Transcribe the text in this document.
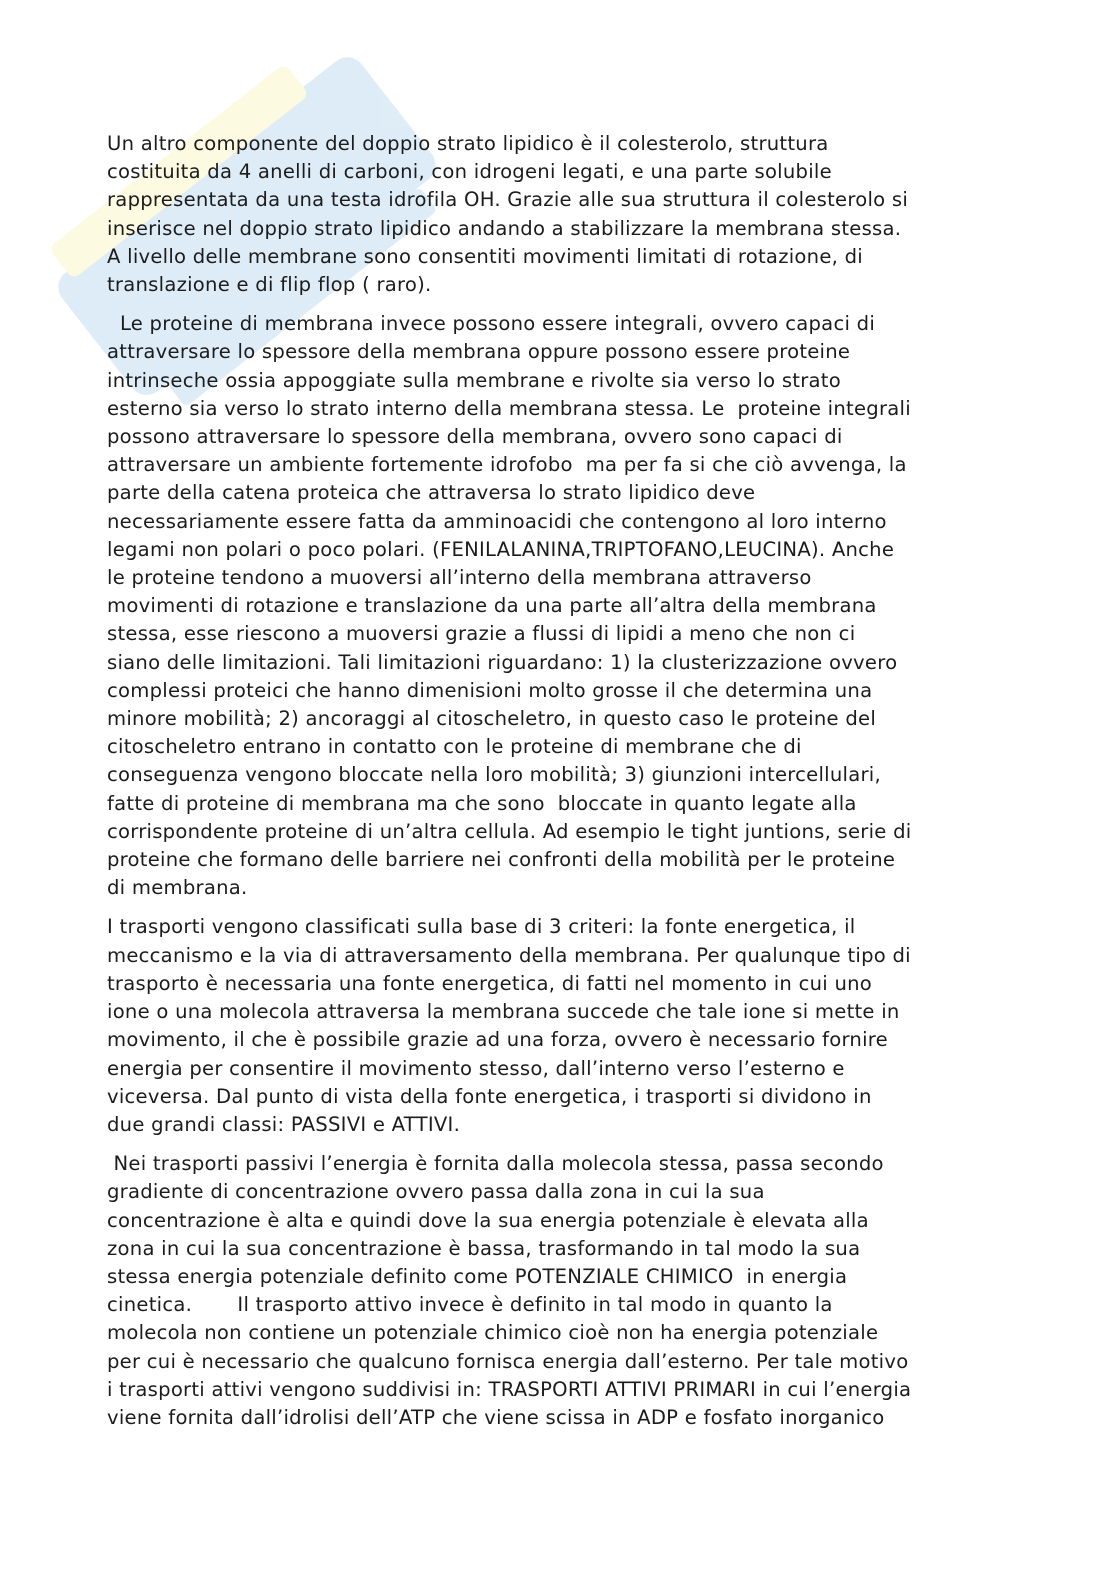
Un altro componente del doppio strato lipidico è il colesterolo, struttura
costituita da 4 anelli di carboni, con idrogeni legati, e una parte solubile
rappresentata da una testa idrofila OH. Grazie alle sua struttura il colesterolo si
inserisce nel doppio strato lipidico andando a stabilizzare la membrana stessa.
A livello delle membrane sono consentiti movimenti limitati di rotazione, di
translazione e di flip flop ( raro).
Le proteine di membrana invece possono essere integrali, ovvero capaci di
attraversare lo spessore della membrana oppure possono essere proteine
intrinseche ossia appoggiate sulla membrane e rivolte sia verso lo strato
esterno sia verso lo strato interno della membrana stessa. Le  proteine integrali
possono attraversare lo spessore della membrana, ovvero sono capaci di
attraversare un ambiente fortemente idrofobo  ma per fa si che ciò avvenga, la
parte della catena proteica che attraversa lo strato lipidico deve
necessariamente essere fatta da amminoacidi che contengono al loro interno
legami non polari o poco polari. (FENILALANINA,TRIPTOFANO,LEUCINA). Anche
le proteine tendono a muoversi all’interno della membrana attraverso
movimenti di rotazione e translazione da una parte all’altra della membrana
stessa, esse riescono a muoversi grazie a flussi di lipidi a meno che non ci
siano delle limitazioni. Tali limitazioni riguardano: 1) la clusterizzazione ovvero
complessi proteici che hanno dimenisioni molto grosse il che determina una
minore mobilità; 2) ancoraggi al citoscheletro, in questo caso le proteine del
citoscheletro entrano in contatto con le proteine di membrane che di
conseguenza vengono bloccate nella loro mobilità; 3) giunzioni intercellulari,
fatte di proteine di membrana ma che sono  bloccate in quanto legate alla
corrispondente proteine di un’altra cellula. Ad esempio le tight juntions, serie di
proteine che formano delle barriere nei confronti della mobilità per le proteine
di membrana.
I trasporti vengono classificati sulla base di 3 criteri: la fonte energetica, il
meccanismo e la via di attraversamento della membrana. Per qualunque tipo di
trasporto è necessaria una fonte energetica, di fatti nel momento in cui uno
ione o una molecola attraversa la membrana succede che tale ione si mette in
movimento, il che è possibile grazie ad una forza, ovvero è necessario fornire
energia per consentire il movimento stesso, dall’interno verso l’esterno e
viceversa. Dal punto di vista della fonte energetica, i trasporti si dividono in
due grandi classi: PASSIVI e ATTIVI.
Nei trasporti passivi l’energia è fornita dalla molecola stessa, passa secondo
gradiente di concentrazione ovvero passa dalla zona in cui la sua
concentrazione è alta e quindi dove la sua energia potenziale è elevata alla
zona in cui la sua concentrazione è bassa, trasformando in tal modo la sua
stessa energia potenziale definito come POTENZIALE CHIMICO  in energia
cinetica.       Il trasporto attivo invece è definito in tal modo in quanto la
molecola non contiene un potenziale chimico cioè non ha energia potenziale
per cui è necessario che qualcuno fornisca energia dall’esterno. Per tale motivo
i trasporti attivi vengono suddivisi in: TRASPORTI ATTIVI PRIMARI in cui l’energia
viene fornita dall’idrolisi dell’ATP che viene scissa in ADP e fosfato inorganico
